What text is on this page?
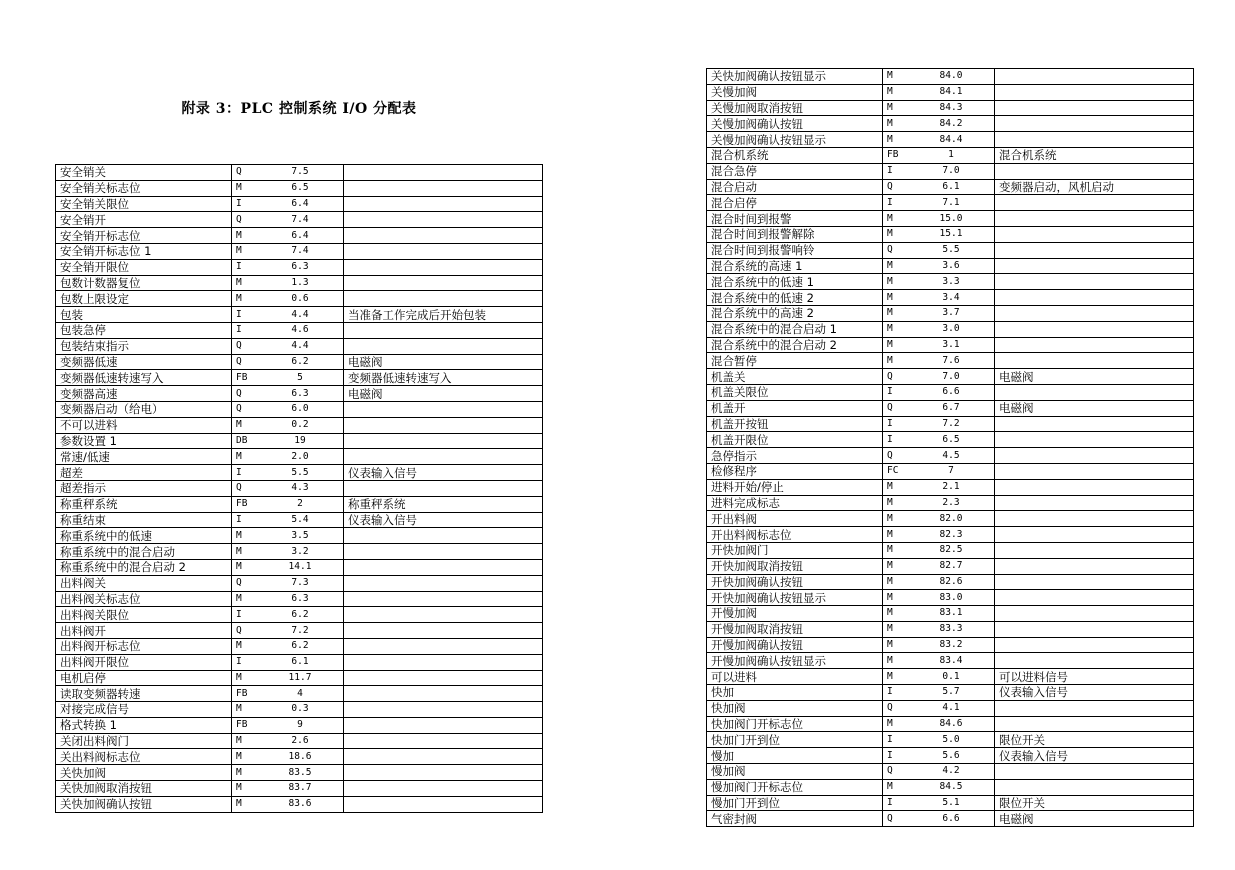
附录 3：PLC 控制系统 I/O 分配表
安全销关	Q 7.5	
安全销关标志位	M 6.5	
安全销关限位	I 6.4	
安全销开	Q 7.4	
安全销开标志位	M 6.4	
安全销开标志位 1	M 7.4	
安全销开限位	I 6.3	
包数计数器复位	M 1.3	
包数上限设定	M 0.6	
包装	I 4.4	当准备工作完成后开始包装
包装急停	I 4.6	
包装结束指示	Q 4.4	
变频器低速	Q 6.2	电磁阀
变频器低速转速写入	FB 5	变频器低速转速写入
变频器高速	Q 6.3	电磁阀
变频器启动（给电）	Q 6.0	
不可以进料	M 0.2	
参数设置 1	DB 19	
常速/低速	M 2.0	
超差	I 5.5	仪表输入信号
超差指示	Q 4.3	
称重秤系统	FB 2	称重秤系统
称重结束	I 5.4	仪表输入信号
称重系统中的低速	M 3.5	
称重系统中的混合启动	M 3.2	
称重系统中的混合启动 2	M 14.1	
出料阀关	Q 7.3	
出料阀关标志位	M 6.3	
出料阀关限位	I 6.2	
出料阀开	Q 7.2	
出料阀开标志位	M 6.2	
出料阀开限位	I 6.1	
电机启停	M 11.7	
读取变频器转速	FB 4	
对接完成信号	M 0.3	
格式转换 1	FB 9	
关闭出料阀门	M 2.6	
关出料阀标志位	M 18.6	
关快加阀	M 83.5	
关快加阀取消按钮	M 83.7	
关快加阀确认按钮	M 83.6	
关快加阀确认按钮显示	M 84.0	
关慢加阀	M 84.1	
关慢加阀取消按钮	M 84.3	
关慢加阀确认按钮	M 84.2	
关慢加阀确认按钮显示	M 84.4	
混合机系统	FB 1	混合机系统
混合急停	I 7.0	
混合启动	Q 6.1	变频器启动，风机启动
混合启停	I 7.1	
混合时间到报警	M 15.0	
混合时间到报警解除	M 15.1	
混合时间到报警响铃	Q 5.5	
混合系统的高速 1	M 3.6	
混合系统中的低速 1	M 3.3	
混合系统中的低速 2	M 3.4	
混合系统中的高速 2	M 3.7	
混合系统中的混合启动 1	M 3.0	
混合系统中的混合启动 2	M 3.1	
混合暂停	M 7.6	
机盖关	Q 7.0	电磁阀
机盖关限位	I 6.6	
机盖开	Q 6.7	电磁阀
机盖开按钮	I 7.2	
机盖开限位	I 6.5	
急停指示	Q 4.5	
检修程序	FC 7	
进料开始/停止	M 2.1	
进料完成标志	M 2.3	
开出料阀	M 82.0	
开出料阀标志位	M 82.3	
开快加阀门	M 82.5	
开快加阀取消按钮	M 82.7	
开快加阀确认按钮	M 82.6	
开快加阀确认按钮显示	M 83.0	
开慢加阀	M 83.1	
开慢加阀取消按钮	M 83.3	
开慢加阀确认按钮	M 83.2	
开慢加阀确认按钮显示	M 83.4	
可以进料	M 0.1	可以进料信号
快加	I 5.7	仪表输入信号
快加阀	Q 4.1	
快加阀门开标志位	M 84.6	
快加门开到位	I 5.0	限位开关
慢加	I 5.6	仪表输入信号
慢加阀	Q 4.2	
慢加阀门开标志位	M 84.5	
慢加门开到位	I 5.1	限位开关
气密封阀	Q 6.6	电磁阀
